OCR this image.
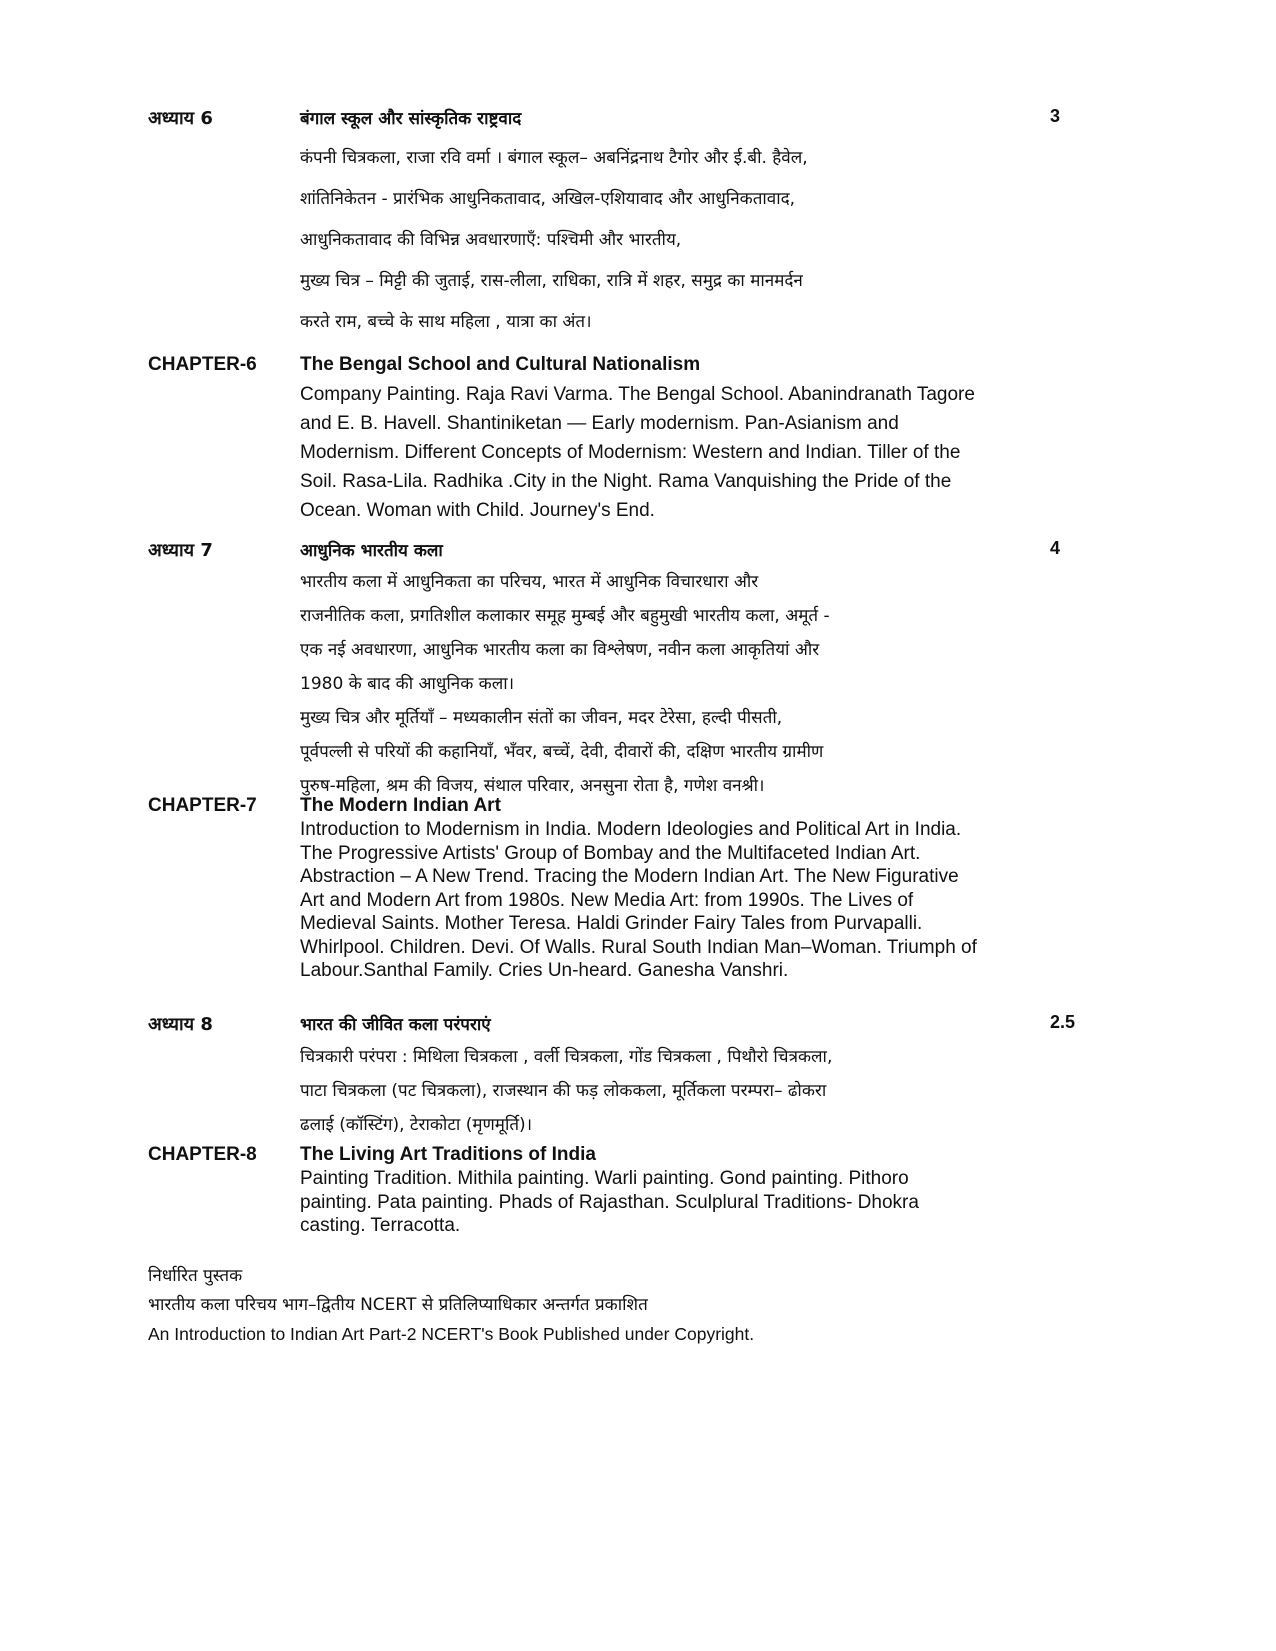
अध्याय 6	बंगाल स्कूल और सांस्कृतिक राष्ट्रवाद	3

कंपनी चित्रकला, राजा रवि वर्मा । बंगाल स्कूल– अबनिंद्रनाथ टैगोर और ई.बी. हैवेल,

शांतिनिकेतन - प्रारंभिक आधुनिकतावाद, अखिल-एशियावाद और आधुनिकतावाद,

आधुनिकतावाद की विभिन्न अवधारणाएँ: पश्चिमी और भारतीय,

मुख्य चित्र – मिट्टी की जुताई, रास-लीला, राधिका, रात्रि में शहर, समुद्र का मानमर्दन

करते राम, बच्चे के साथ महिला , यात्रा का अंत।

CHAPTER-6	The Bengal School and Cultural Nationalism
Company Painting. Raja Ravi Varma. The Bengal School. Abanindranath Tagore and E. B. Havell. Shantiniketan — Early modernism. Pan-Asianism and Modernism. Different Concepts of Modernism: Western and Indian. Tiller of the Soil. Rasa-Lila. Radhika .City in the Night. Rama Vanquishing the Pride of the Ocean. Woman with Child. Journey's End.
अध्याय 7	आधुनिक भारतीय कला	4

भारतीय कला में आधुनिकता का परिचय, भारत में आधुनिक विचारधारा और

राजनीतिक कला, प्रगतिशील कलाकार समूह मुम्बई और बहुमुखी भारतीय कला, अमूर्त -

एक नई अवधारणा, आधुनिक भारतीय कला का विश्लेषण, नवीन कला आकृतियां और

1980 के बाद की आधुनिक कला।

मुख्य चित्र और मूर्तियाँ – मध्यकालीन संतों का जीवन, मदर टेरेसा, हल्दी पीसती,

पूर्वपल्ली से परियों की कहानियाँ, भँवर, बच्चें, देवी, दीवारों की, दक्षिण भारतीय ग्रामीण

पुरुष-महिला, श्रम की विजय, संथाल परिवार, अनसुना रोता है, गणेश वनश्री।

CHAPTER-7	The Modern Indian Art
Introduction to Modernism in India. Modern Ideologies and Political Art in India. The Progressive Artists' Group of Bombay and the Multifaceted Indian Art. Abstraction – A New Trend. Tracing the Modern Indian Art. The New Figurative Art and Modern Art from 1980s. New Media Art: from 1990s. The Lives of Medieval Saints. Mother Teresa. Haldi Grinder Fairy Tales from Purvapalli. Whirlpool. Children. Devi. Of Walls. Rural South Indian Man–Woman. Triumph of Labour.Santhal Family. Cries Un-heard. Ganesha Vanshri.
अध्याय 8	भारत की जीवित कला परंपराएं	2.5

चित्रकारी परंपरा : मिथिला चित्रकला , वर्ली चित्रकला, गोंड चित्रकला , पिथौरो चित्रकला,

पाटा चित्रकला (पट चित्रकला), राजस्थान की फड़ लोककला, मूर्तिकला परम्परा– ढोकरा

ढलाई (कॉस्टिंग), टेराकोटा (मृणमूर्ति)।

CHAPTER-8	The Living Art Traditions of India
Painting Tradition. Mithila painting. Warli painting. Gond painting. Pithoro painting. Pata painting. Phads of Rajasthan. Sculplural Traditions- Dhokra casting. Terracotta.

निर्धारित पुस्तक

भारतीय कला परिचय भाग–द्वितीय NCERT से प्रतिलिप्याधिकार अन्तर्गत प्रकाशित

An Introduction to Indian Art Part-2 NCERT's Book Published under Copyright.
